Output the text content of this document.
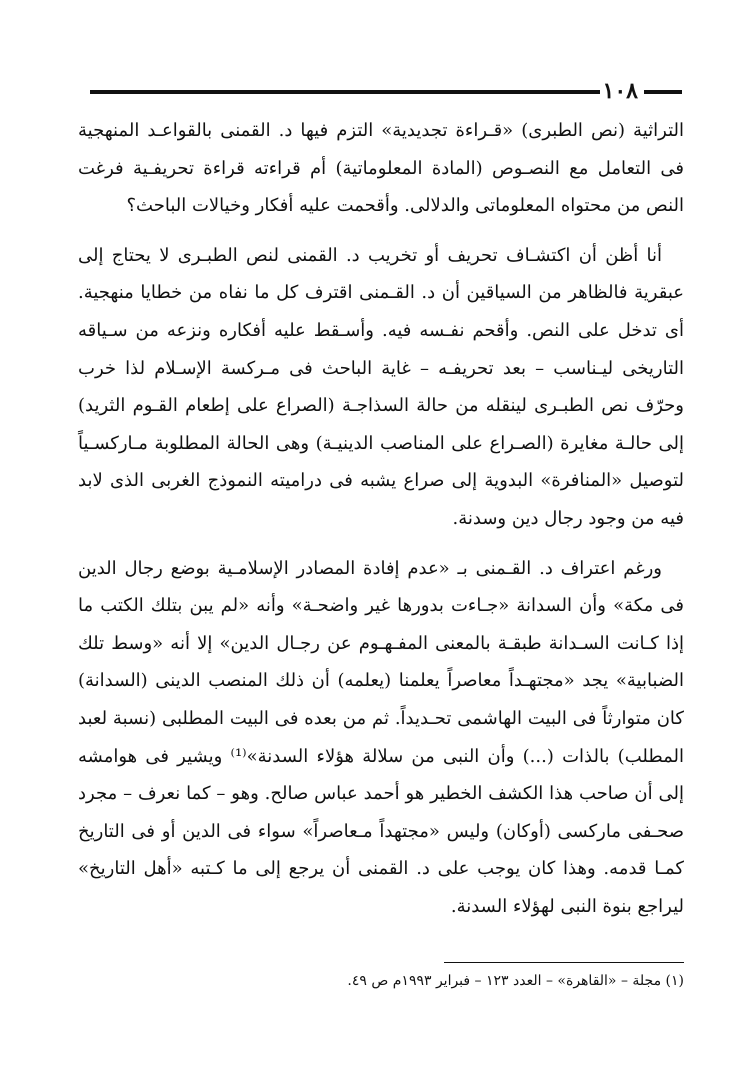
١٠٨

التراثية (نص الطبرى) «قـراءة تجديدية» التزم فيها د. القمنى بالقواعـد المنهجية فى التعامل مع النصـوص (المادة المعلوماتية) أم قراءته قراءة تحريفـية فرغت النص من محتواه المعلوماتى والدلالى. وأقحمت عليه أفكار وخيالات الباحث؟

أنا أظن أن اكتشـاف تحريف أو تخريب د. القمنى لنص الطبـرى لا يحتاج إلى عبقرية فالظاهر من السياقين أن د. القـمنى اقترف كل ما نفاه من خطايا منهجية. أى تدخل على النص. وأقحم نفـسه فيه. وأسـقط عليه أفكاره ونزعه من سـياقه التاريخى ليـناسب – بعد تحريفـه – غاية الباحث فى مـركسة الإسـلام لذا خرب وحرّف نص الطبـرى لينقله من حالة السذاجـة (الصراع على إطعام القـوم الثريد) إلى حالـة مغايرة (الصـراع على المناصب الدينيـة) وهى الحالة المطلوبة مـاركسـياً لتوصيل «المنافرة» البدوية إلى صراع يشبه فى دراميته النموذج الغربى الذى لابد فيه من وجود رجال دين وسدنة.

ورغم اعتراف د. القـمنى بـ «عدم إفادة المصادر الإسلامـية بوضع رجال الدين فى مكة» وأن السدانة «جـاءت بدورها غير واضحـة» وأنه «لم يبن بتلك الكتب ما إذا كـانت السـدانة طبقـة بالمعنى المفـهـوم عن رجـال الدين» إلا أنه «وسط تلك الضبابية» يجد «مجتهـداً معاصراً يعلمنا (يعلمه) أن ذلك المنصب الدينى (السدانة) كان متوارثاً فى البيت الهاشمى تحـديداً. ثم من بعده فى البيت المطلبى (نسبة لعبد المطلب) بالذات (...) وأن النبى من سلالة هؤلاء السدنة»⁽¹⁾ ويشير فى هوامشه إلى أن صاحب هذا الكشف الخطير هو أحمد عباس صالح. وهو – كما نعرف – مجرد صحـفى ماركسى (أوكان) وليس «مجتهداً مـعاصراً» سواء فى الدين أو فى التاريخ كمـا قدمه. وهذا كان يوجب على د. القمنى أن يرجع إلى ما كـتبه «أهل التاريخ» ليراجع بنوة النبى لهؤلاء السدنة.

(١) مجلة – «القاهرة» – العدد ١٢٣ – فبراير ١٩٩٣م ص ٤٩.
